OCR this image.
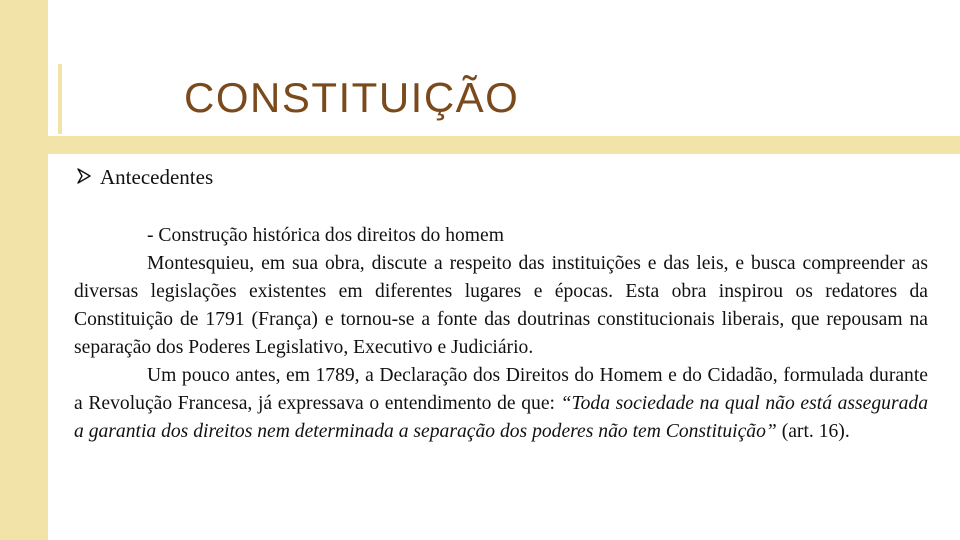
CONSTITUIÇÃO
Antecedentes

- Construção histórica dos direitos do homem

Montesquieu, em sua obra, discute a respeito das instituições e das leis, e busca compreender as diversas legislações existentes em diferentes lugares e épocas. Esta obra inspirou os redatores da Constituição de 1791 (França) e tornou-se a fonte das doutrinas constitucionais liberais, que repousam na separação dos Poderes Legislativo, Executivo e Judiciário.

Um pouco antes, em 1789, a Declaração dos Direitos do Homem e do Cidadão, formulada durante a Revolução Francesa, já expressava o entendimento de que: “Toda sociedade na qual não está assegurada a garantia dos direitos nem determinada a separação dos poderes não tem Constituição” (art. 16).
